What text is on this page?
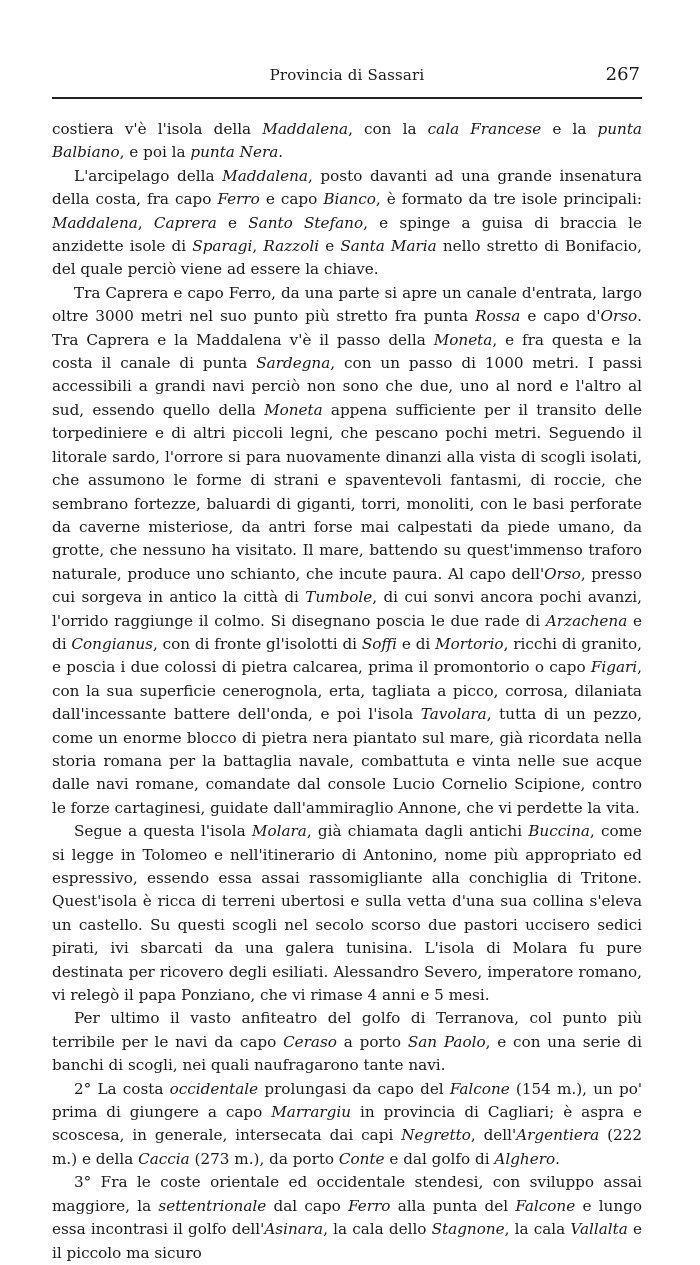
Provincia di Sassari	267

costiera v'è l'isola della Maddalena, con la cala Francese e la punta Balbiano, e poi la punta Nera.

L'arcipelago della Maddalena, posto davanti ad una grande insenatura della costa, fra capo Ferro e capo Bianco, è formato da tre isole principali: Maddalena, Caprera e Santo Stefano, e spinge a guisa di braccia le anzidette isole di Sparagi, Razzoli e Santa Maria nello stretto di Bonifacio, del quale perciò viene ad essere la chiave.

Tra Caprera e capo Ferro, da una parte si apre un canale d'entrata, largo oltre 3000 metri nel suo punto più stretto fra punta Rossa e capo d'Orso. Tra Caprera e la Maddalena v'è il passo della Moneta, e fra questa e la costa il canale di punta Sardegna, con un passo di 1000 metri. I passi accessibili a grandi navi perciò non sono che due, uno al nord e l'altro al sud, essendo quello della Moneta appena sufficiente per il transito delle torpediniere e di altri piccoli legni, che pescano pochi metri. Seguendo il litorale sardo, l'orrore si para nuovamente dinanzi alla vista di scogli isolati, che assumono le forme di strani e spaventevoli fantasmi, di roccie, che sembrano fortezze, baluardi di giganti, torri, monoliti, con le basi perforate da caverne misteriose, da antri forse mai calpestati da piede umano, da grotte, che nessuno ha visitato. Il mare, battendo su quest'immenso traforo naturale, produce uno schianto, che incute paura. Al capo dell'Orso, presso cui sorgeva in antico la città di Tumbole, di cui sonvi ancora pochi avanzi, l'orrido raggiunge il colmo. Si disegnano poscia le due rade di Arzachena e di Congianus, con di fronte gl'isolotti di Soffi e di Mortorio, ricchi di granito, e poscia i due colossi di pietra calcarea, prima il promontorio o capo Figari, con la sua superficie cenerognola, erta, tagliata a picco, corrosa, dilaniata dall'incessante battere dell'onda, e poi l'isola Tavolara, tutta di un pezzo, come un enorme blocco di pietra nera piantato sul mare, già ricordata nella storia romana per la battaglia navale, combattuta e vinta nelle sue acque dalle navi romane, comandate dal console Lucio Cornelio Scipione, contro le forze cartaginesi, guidate dall'ammiraglio Annone, che vi perdette la vita.

Segue a questa l'isola Molara, già chiamata dagli antichi Buccina, come si legge in Tolomeo e nell'itinerario di Antonino, nome più appropriato ed espressivo, essendo essa assai rassomigliante alla conchiglia di Tritone. Quest'isola è ricca di terreni ubertosi e sulla vetta d'una sua collina s'eleva un castello. Su questi scogli nel secolo scorso due pastori uccisero sedici pirati, ivi sbarcati da una galera tunisina. L'isola di Molara fu pure destinata per ricovero degli esiliati. Alessandro Severo, imperatore romano, vi relegò il papa Ponziano, che vi rimase 4 anni e 5 mesi.

Per ultimo il vasto anfiteatro del golfo di Terranova, col punto più terribile per le navi da capo Ceraso a porto San Paolo, e con una serie di banchi di scogli, nei quali naufragarono tante navi.

2° La costa occidentale prolungasi da capo del Falcone (154 m.), un po' prima di giungere a capo Marrargiu in provincia di Cagliari; è aspra e scoscesa, in generale, intersecata dai capi Negretto, dell'Argentiera (222 m.) e della Caccia (273 m.), da porto Conte e dal golfo di Alghero.

3° Fra le coste orientale ed occidentale stendesi, con sviluppo assai maggiore, la settentrionale dal capo Ferro alla punta del Falcone e lungo essa incontrasi il golfo dell'Asinara, la cala dello Stagnone, la cala Vallalta e il piccolo ma sicuro
